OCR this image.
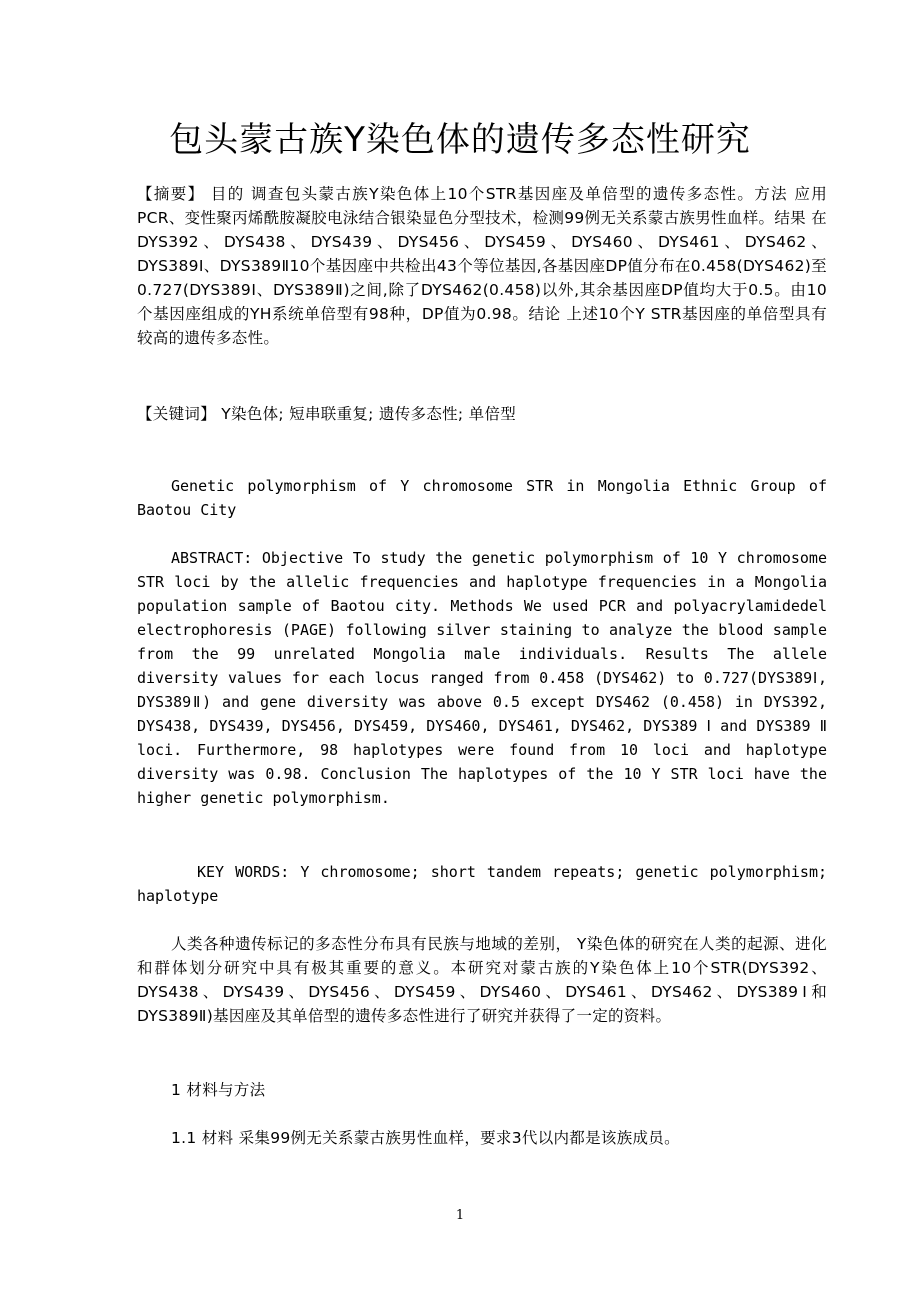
包头蒙古族Y染色体的遗传多态性研究

【摘要】 目的 调查包头蒙古族Y染色体上10个STR基因座及单倍型的遗传多态性。方法 应用PCR、变性聚丙烯酰胺凝胶电泳结合银染显色分型技术，检测99例无关系蒙古族男性血样。结果 在DYS392、DYS438、DYS439、DYS456、DYS459、DYS460、DYS461、DYS462、DYS389Ⅰ、DYS389Ⅱ10个基因座中共检出43个等位基因,各基因座DP值分布在0.458(DYS462)至0.727(DYS389Ⅰ、DYS389Ⅱ)之间,除了DYS462(0.458)以外,其余基因座DP值均大于0.5。由10个基因座组成的YH系统单倍型有98种，DP值为0.98。结论 上述10个Y STR基因座的单倍型具有较高的遗传多态性。

【关键词】 Y染色体; 短串联重复; 遗传多态性; 单倍型

Genetic polymorphism of Y chromosome STR in Mongolia Ethnic Group of Baotou City

ABSTRACT: Objective To study the genetic polymorphism of 10 Y chromosome STR loci by the allelic frequencies and haplotype frequencies in a Mongolia population sample of Baotou city. Methods We used PCR and polyacrylamidedel electrophoresis (PAGE) following silver staining to analyze the blood sample from the 99 unrelated Mongolia male individuals. Results The allele diversity values for each locus ranged from 0.458 (DYS462) to 0.727(DYS389Ⅰ, DYS389Ⅱ) and gene diversity was above 0.5 except DYS462 (0.458) in DYS392, DYS438, DYS439, DYS456, DYS459, DYS460, DYS461, DYS462, DYS389 Ⅰ and DYS389 Ⅱ loci. Furthermore, 98 haplotypes were found from 10 loci and haplotype diversity was 0.98. Conclusion The haplotypes of the 10 Y STR loci have the higher genetic polymorphism.

KEY WORDS: Y chromosome; short tandem repeats; genetic polymorphism; haplotype

人类各种遗传标记的多态性分布具有民族与地域的差别， Y染色体的研究在人类的起源、进化和群体划分研究中具有极其重要的意义。本研究对蒙古族的Y染色体上10个STR(DYS392、DYS438、DYS439、DYS456、DYS459、DYS460、DYS461、DYS462、DYS389Ⅰ和DYS389Ⅱ)基因座及其单倍型的遗传多态性进行了研究并获得了一定的资料。

1 材料与方法

1.1 材料 采集99例无关系蒙古族男性血样，要求3代以内都是该族成员。

1
